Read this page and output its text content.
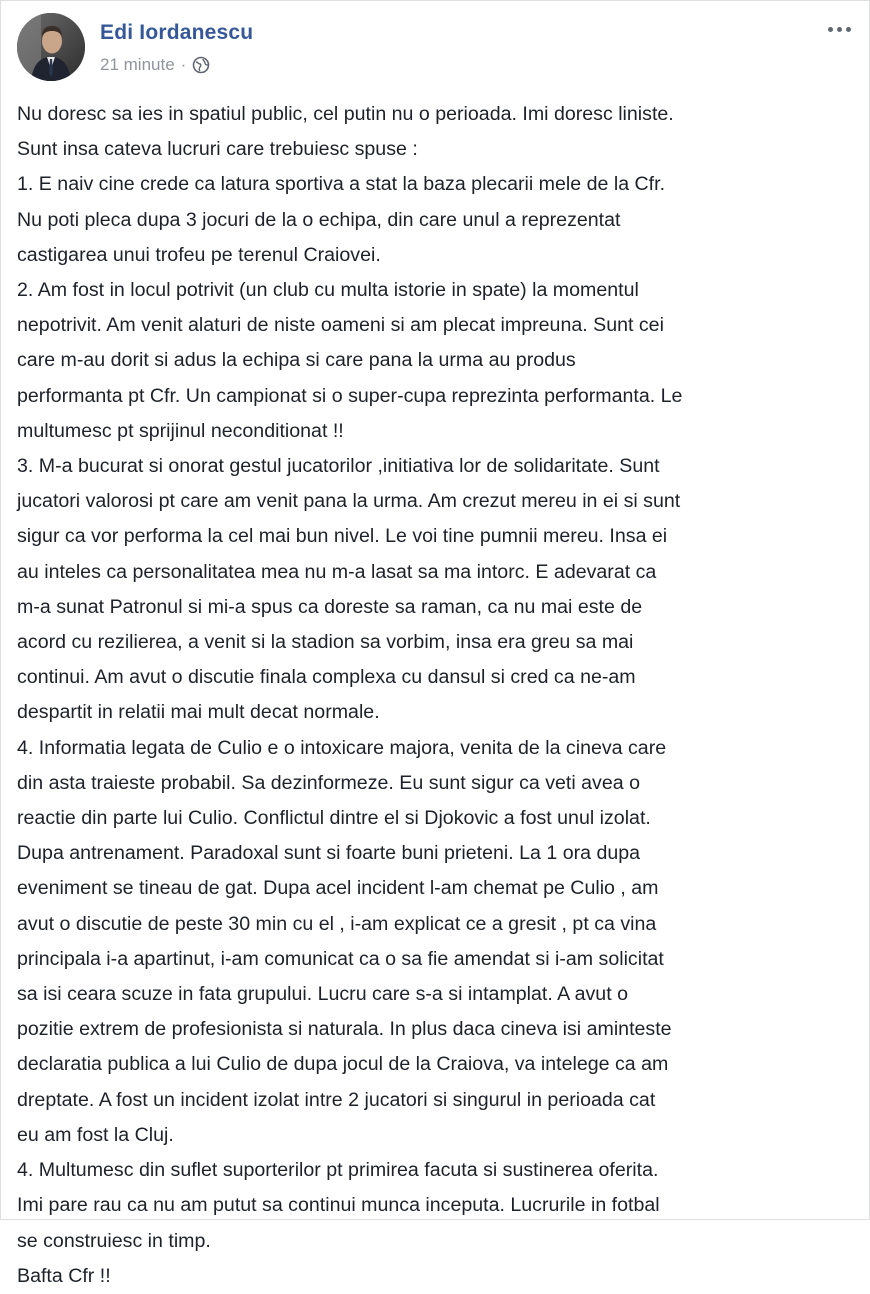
Edi Iordanescu
21 minute ·
Nu doresc sa ies in spatiul public, cel putin nu o perioada. Imi doresc liniste.
Sunt insa cateva lucruri care trebuiesc spuse :
1. E naiv cine crede ca latura sportiva a stat la baza plecarii mele de la Cfr.
Nu poti pleca dupa 3 jocuri de la o echipa, din care unul a reprezentat
castigarea unui trofeu pe terenul Craiovei.
2. Am fost in locul potrivit (un club cu multa istorie in spate) la momentul
nepotrivit. Am venit alaturi de niste oameni si am plecat impreuna. Sunt cei
care m-au dorit si adus la echipa si care pana la urma au produs
performanta pt Cfr. Un campionat si o super-cupa reprezinta performanta. Le
multumesc pt sprijinul neconditionat !!
3. M-a bucurat si onorat gestul jucatorilor ,initiativa lor de solidaritate. Sunt
jucatori valorosi pt care am venit pana la urma. Am crezut mereu in ei si sunt
sigur ca vor performa la cel mai bun nivel. Le voi tine pumnii mereu. Insa ei
au inteles ca personalitatea mea nu m-a lasat sa ma intorc. E adevarat ca
m-a sunat Patronul si mi-a spus ca doreste sa raman, ca nu mai este de
acord cu rezilierea, a venit si la stadion sa vorbim, insa era greu sa mai
continui. Am avut o discutie finala complexa cu dansul si cred ca ne-am
despartit in relatii mai mult decat normale.
4. Informatia legata de Culio e o intoxicare majora, venita de la cineva care
din asta traieste probabil. Sa dezinformeze. Eu sunt sigur ca veti avea o
reactie din parte lui Culio. Conflictul dintre el si Djokovic a fost unul izolat.
Dupa antrenament. Paradoxal sunt si foarte buni prieteni. La 1 ora dupa
eveniment se tineau de gat. Dupa acel incident l-am chemat pe Culio , am
avut o discutie de peste 30 min cu el , i-am explicat ce a gresit , pt ca vina
principala i-a apartinut, i-am comunicat ca o sa fie amendat si i-am solicitat
sa isi ceara scuze in fata grupului. Lucru care s-a si intamplat. A avut o
pozitie extrem de profesionista si naturala. In plus daca cineva isi aminteste
declaratia publica a lui Culio de dupa jocul de la Craiova, va intelege ca am
dreptate. A fost un incident izolat intre 2 jucatori si singurul in perioada cat
eu am fost la Cluj.
4. Multumesc din suflet suporterilor pt primirea facuta si sustinerea oferita.
Imi pare rau ca nu am putut sa continui munca inceputa. Lucrurile in fotbal
se construiesc in timp.
Bafta Cfr !!
